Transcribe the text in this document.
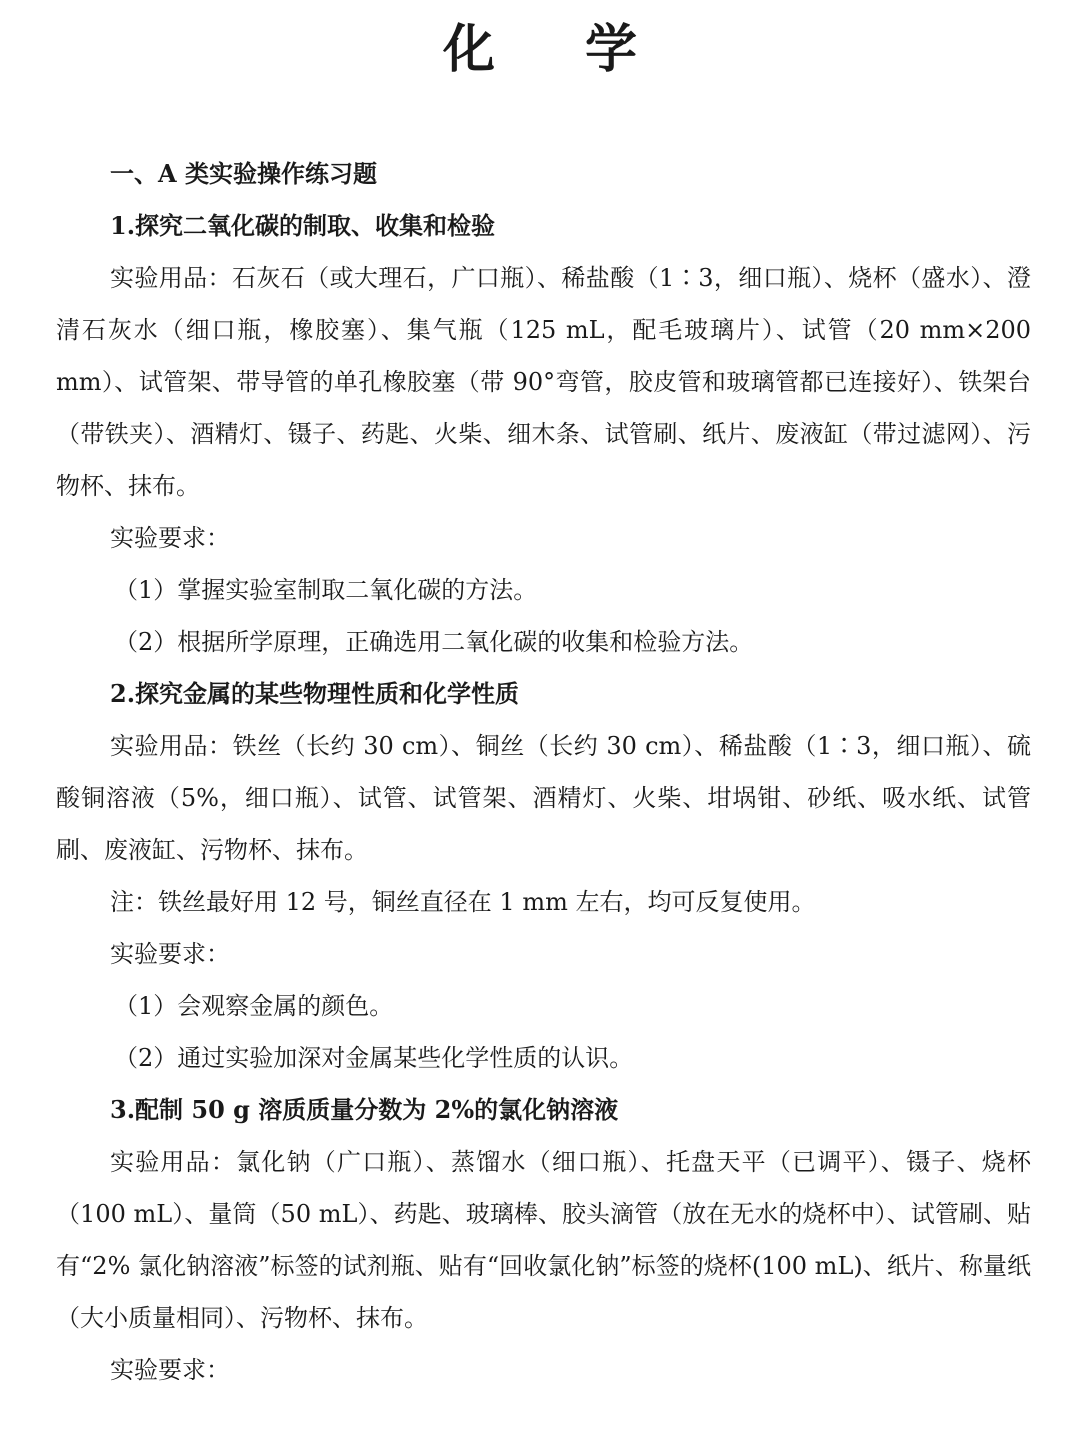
化 学

一、A 类实验操作练习题

1.探究二氧化碳的制取、收集和检验

实验用品：石灰石（或大理石，广口瓶）、稀盐酸（1∶3，细口瓶）、烧杯（盛水）、澄清石灰水（细口瓶，橡胶塞）、集气瓶（125 mL，配毛玻璃片）、试管（20 mm×200 mm）、试管架、带导管的单孔橡胶塞（带 90°弯管，胶皮管和玻璃管都已连接好）、铁架台（带铁夹）、酒精灯、镊子、药匙、火柴、细木条、试管刷、纸片、废液缸（带过滤网）、污物杯、抹布。

实验要求：

（1）掌握实验室制取二氧化碳的方法。

（2）根据所学原理，正确选用二氧化碳的收集和检验方法。

2.探究金属的某些物理性质和化学性质

实验用品：铁丝（长约 30 cm）、铜丝（长约 30 cm）、稀盐酸（1∶3，细口瓶）、硫酸铜溶液（5%，细口瓶）、试管、试管架、酒精灯、火柴、坩埚钳、砂纸、吸水纸、试管刷、废液缸、污物杯、抹布。

注：铁丝最好用 12 号，铜丝直径在 1 mm 左右，均可反复使用。

实验要求：

（1）会观察金属的颜色。

（2）通过实验加深对金属某些化学性质的认识。

3.配制 50 g 溶质质量分数为 2%的氯化钠溶液

实验用品：氯化钠（广口瓶）、蒸馏水（细口瓶）、托盘天平（已调平）、镊子、烧杯（100 mL）、量筒（50 mL）、药匙、玻璃棒、胶头滴管（放在无水的烧杯中）、试管刷、贴有“2% 氯化钠溶液”标签的试剂瓶、贴有“回收氯化钠”标签的烧杯(100 mL)、纸片、称量纸（大小质量相同）、污物杯、抹布。

实验要求：
